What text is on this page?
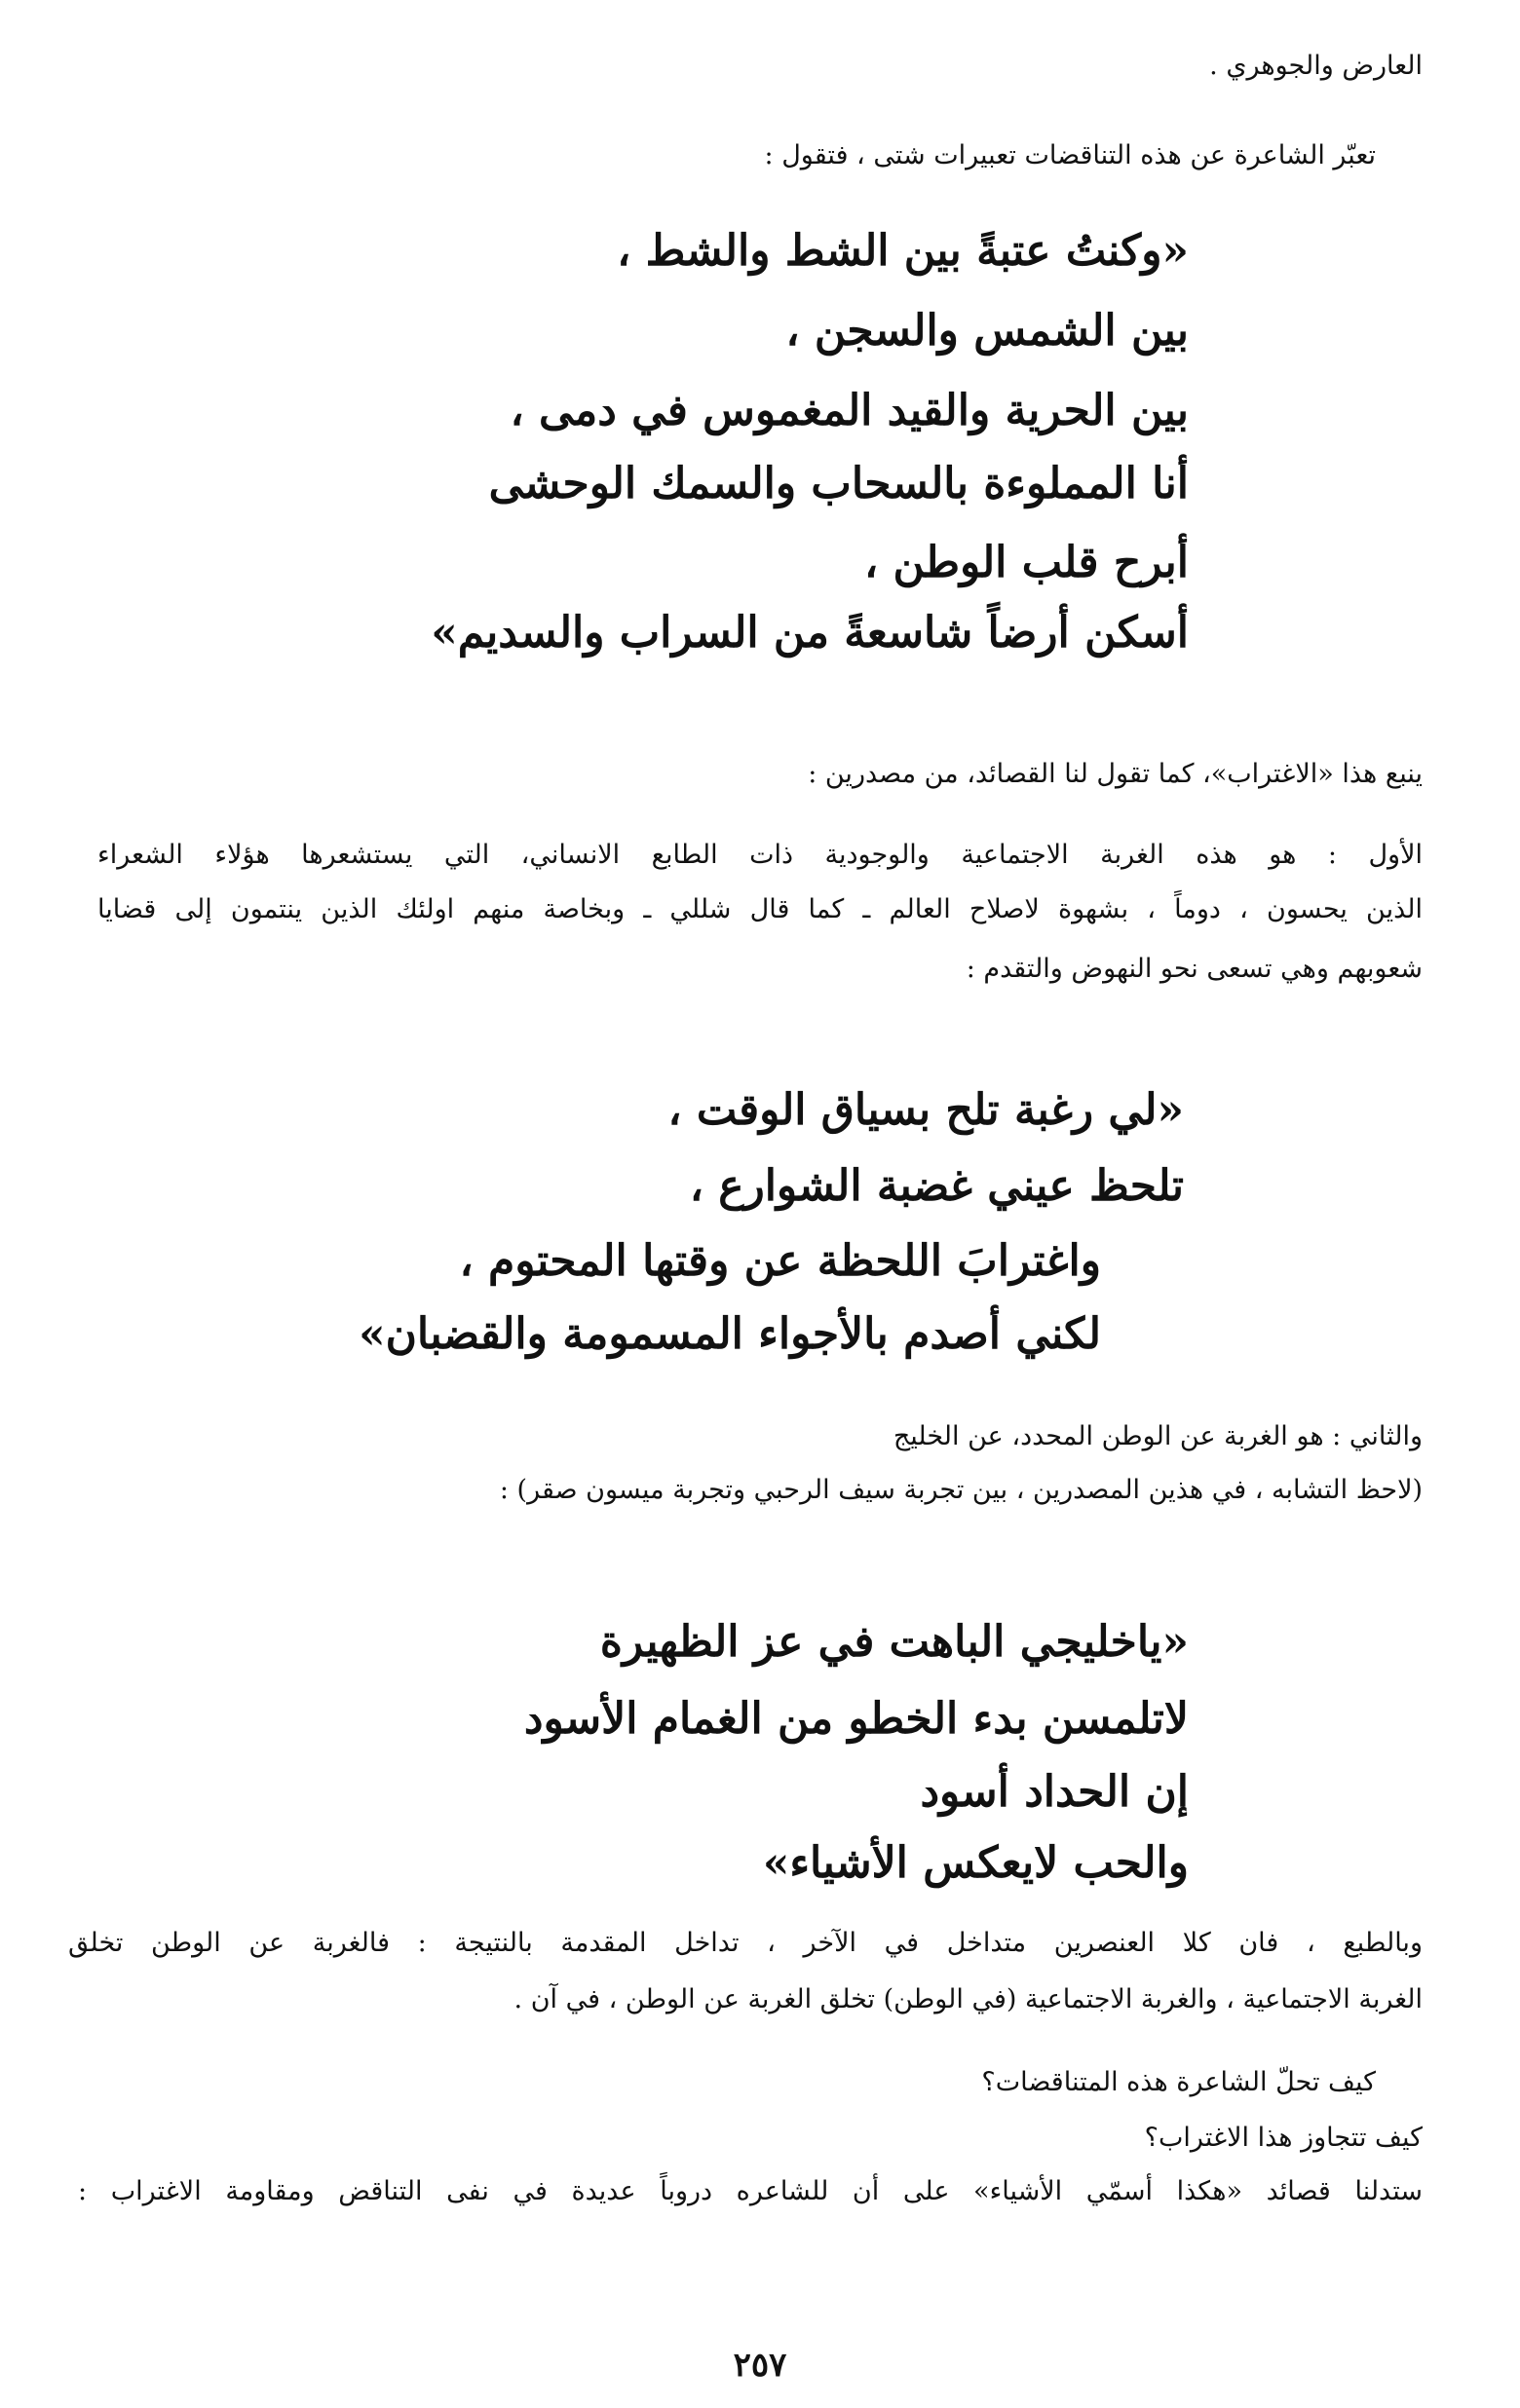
العارض والجوهري .
تعبّر الشاعرة عن هذه التناقضات تعبيرات شتى ، فتقول :
«وكنتُ عتبةً بين الشط والشط ،
بين الشمس والسجن ،
بين الحرية والقيد المغموس في دمى ،
أنا المملوءة بالسحاب والسمك الوحشى
أبرح قلب الوطن ،
أسكن أرضاً شاسعةً من السراب والسديم»
ينبع هذا «الاغتراب»، كما تقول لنا القصائد، من مصدرين :
الأول : هو هذه الغربة الاجتماعية والوجودية ذات الطابع الانساني، التي يستشعرها هؤلاء الشعراء
الذين يحسون ، دوماً ، بشهوة لاصلاح العالم ـ كما قال شللي ـ وبخاصة منهم اولئك الذين ينتمون إلى قضايا
شعوبهم وهي تسعى نحو النهوض والتقدم :
«لي رغبة تلح بسياق الوقت ،
تلحظ عيني غضبة الشوارع ،
واغترابَ اللحظة عن وقتها المحتوم ،
لكني أصدم بالأجواء المسمومة والقضبان»
والثاني : هو الغربة عن الوطن المحدد، عن الخليج
(لاحظ التشابه ، في هذين المصدرين ، بين تجربة سيف الرحبي وتجربة ميسون صقر) :
«ياخليجي الباهت في عز الظهيرة
لاتلمسن بدء الخطو من الغمام الأسود
إن الحداد أسود
والحب لايعكس الأشياء»
وبالطبع ، فان كلا العنصرين متداخل في الآخر ، تداخل المقدمة بالنتيجة : فالغربة عن الوطن تخلق
الغربة الاجتماعية ، والغربة الاجتماعية (في الوطن) تخلق الغربة عن الوطن ، في آن .
كيف تحلّ الشاعرة هذه المتناقضات؟
كيف تتجاوز هذا الاغتراب؟
ستدلنا قصائد «هكذا أسمّي الأشياء» على أن للشاعره دروباً عديدة في نفى التناقض ومقاومة الاغتراب :
٢٥٧
